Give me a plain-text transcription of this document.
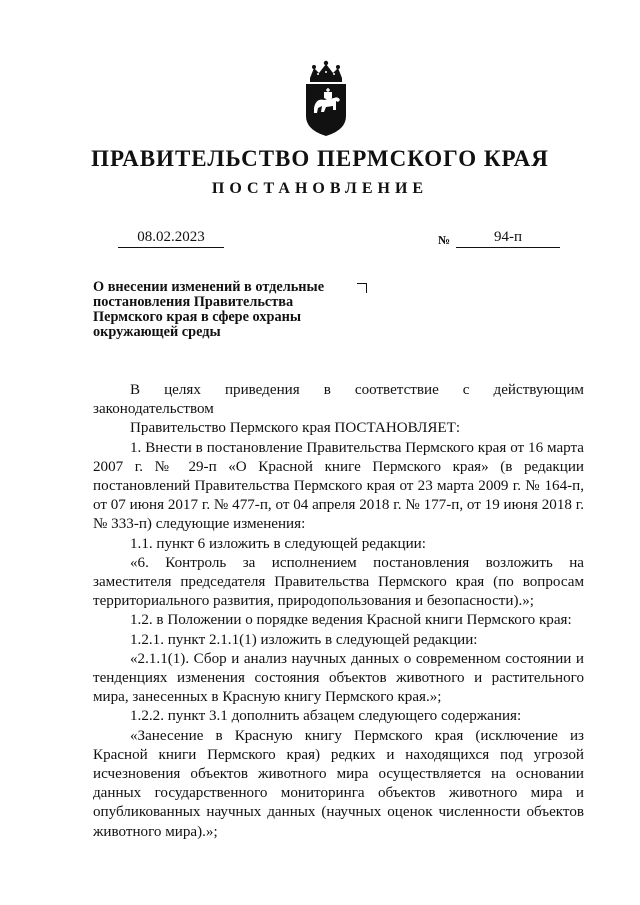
ПРАВИТЕЛЬСТВО ПЕРМСКОГО КРАЯ
ПОСТАНОВЛЕНИЕ
08.02.2023	№	94-п

О внесении изменений в отдельные постановления Правительства Пермского края в сфере охраны окружающей среды

В целях приведения в соответствие с действующим законодательством

Правительство Пермского края ПОСТАНОВЛЯЕТ:

1. Внести в постановление Правительства Пермского края от 16 марта 2007 г. № 29-п «О Красной книге Пермского края» (в редакции постановлений Правительства Пермского края от 23 марта 2009 г. № 164-п, от 07 июня 2017 г. № 477-п, от 04 апреля 2018 г. № 177-п, от 19 июня 2018 г. № 333-п) следующие изменения:

1.1. пункт 6 изложить в следующей редакции:

«6. Контроль за исполнением постановления возложить на заместителя председателя Правительства Пермского края (по вопросам территориального развития, природопользования и безопасности).»;

1.2. в Положении о порядке ведения Красной книги Пермского края:

1.2.1. пункт 2.1.1(1) изложить в следующей редакции:

«2.1.1(1). Сбор и анализ научных данных о современном состоянии и тенденциях изменения состояния объектов животного и растительного мира, занесенных в Красную книгу Пермского края.»;

1.2.2. пункт 3.1 дополнить абзацем следующего содержания:

«Занесение в Красную книгу Пермского края (исключение из Красной книги Пермского края) редких и находящихся под угрозой исчезновения объектов животного мира осуществляется на основании данных государственного мониторинга объектов животного мира и опубликованных научных данных (научных оценок численности объектов животного мира).»;
